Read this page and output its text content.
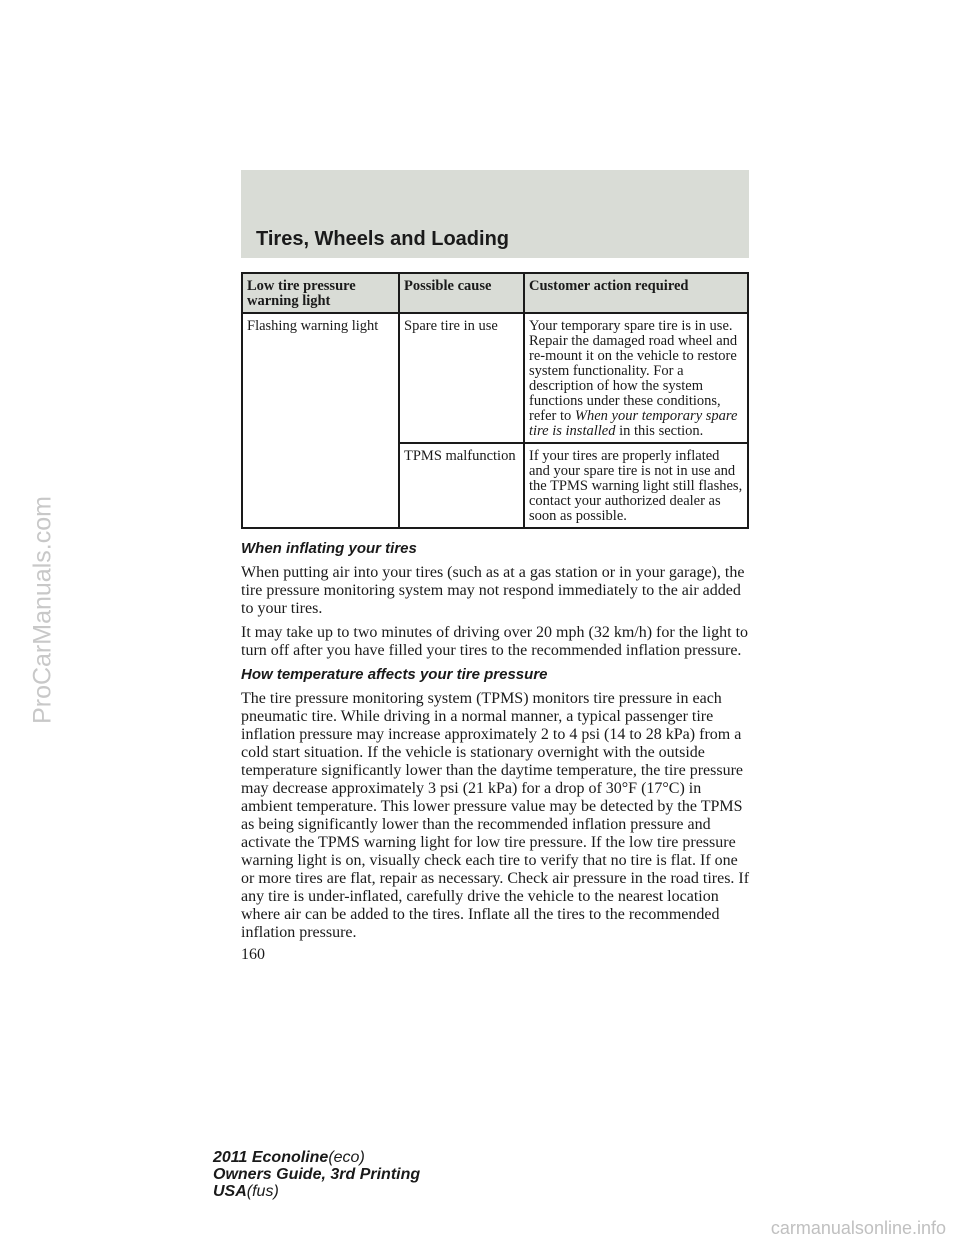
Tires, Wheels and Loading
Low tire pressure warning light	Possible cause	Customer action required
Flashing warning light	Spare tire in use	Your temporary spare tire is in use. Repair the damaged road wheel and re-mount it on the vehicle to restore system functionality. For a description of how the system functions under these conditions, refer to When your temporary spare tire is installed in this section.
	TPMS malfunction	If your tires are properly inflated and your spare tire is not in use and the TPMS warning light still flashes, contact your authorized dealer as soon as possible.
When inflating your tires

When putting air into your tires (such as at a gas station or in your garage), the tire pressure monitoring system may not respond immediately to the air added to your tires.

It may take up to two minutes of driving over 20 mph (32 km/h) for the light to turn off after you have filled your tires to the recommended inflation pressure.

How temperature affects your tire pressure

The tire pressure monitoring system (TPMS) monitors tire pressure in each pneumatic tire. While driving in a normal manner, a typical passenger tire inflation pressure may increase approximately 2 to 4 psi (14 to 28 kPa) from a cold start situation. If the vehicle is stationary overnight with the outside temperature significantly lower than the daytime temperature, the tire pressure may decrease approximately 3 psi (21 kPa) for a drop of 30°F (17°C) in ambient temperature. This lower pressure value may be detected by the TPMS as being significantly lower than the recommended inflation pressure and activate the TPMS warning light for low tire pressure. If the low tire pressure warning light is on, visually check each tire to verify that no tire is flat. If one or more tires are flat, repair as necessary. Check air pressure in the road tires. If any tire is under-inflated, carefully drive the vehicle to the nearest location where air can be added to the tires. Inflate all the tires to the recommended inflation pressure.

160
2011 Econoline(eco)
Owners Guide, 3rd Printing
USA(fus)
ProCarManuals.com
carmanualsonline.info
